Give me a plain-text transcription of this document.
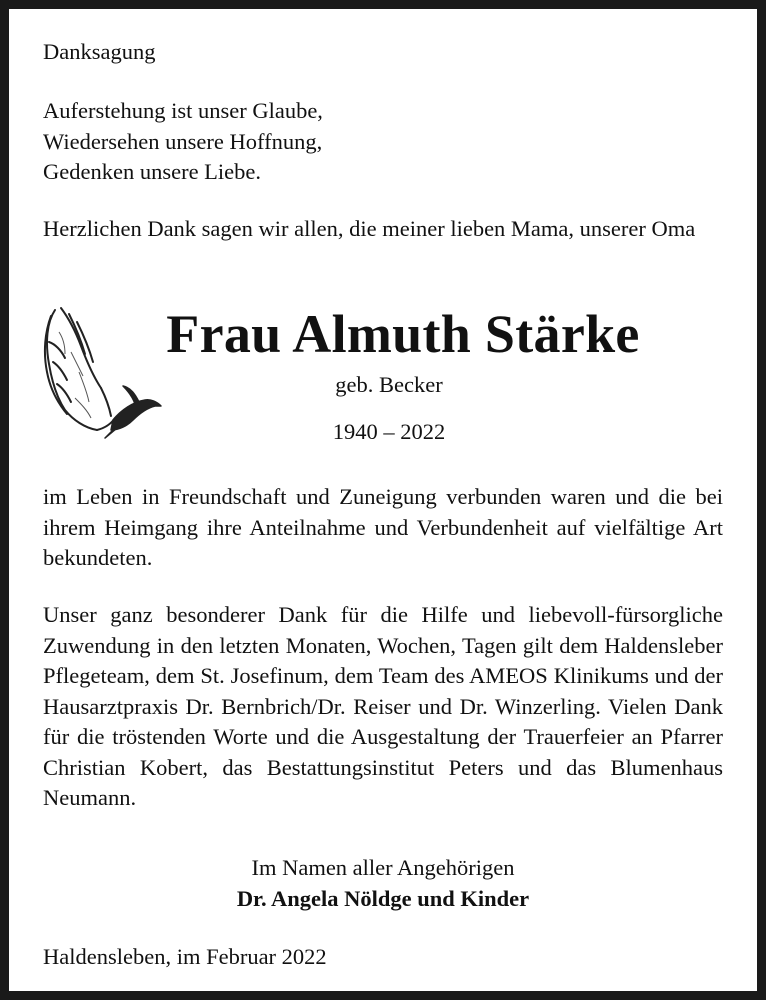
Danksagung

Auferstehung ist unser Glaube,
Wiedersehen unsere Hoffnung,
Gedenken unsere Liebe.

Herzlichen Dank sagen wir allen, die meiner lieben Mama, unserer Oma

Frau Almuth Stärke
geb. Becker
1940 – 2022

im Leben in Freundschaft und Zuneigung verbunden waren und die bei ihrem Heimgang ihre Anteilnahme und Verbundenheit auf vielfältige Art bekundeten.

Unser ganz besonderer Dank für die Hilfe und liebevoll-fürsorgliche Zuwendung in den letzten Monaten, Wochen, Tagen gilt dem Haldensleber Pflegeteam, dem St. Josefinum, dem Team des AMEOS Klinikums und der Hausarztpraxis Dr. Bernbrich/Dr. Reiser und Dr. Winzerling. Vielen Dank für die tröstenden Worte und die Ausgestaltung der Trauerfeier an Pfarrer Christian Kobert, das Bestattungsinstitut Peters und das Blumenhaus Neumann.

Im Namen aller Angehörigen

Dr. Angela Nöldge und Kinder

Haldensleben, im Februar 2022
